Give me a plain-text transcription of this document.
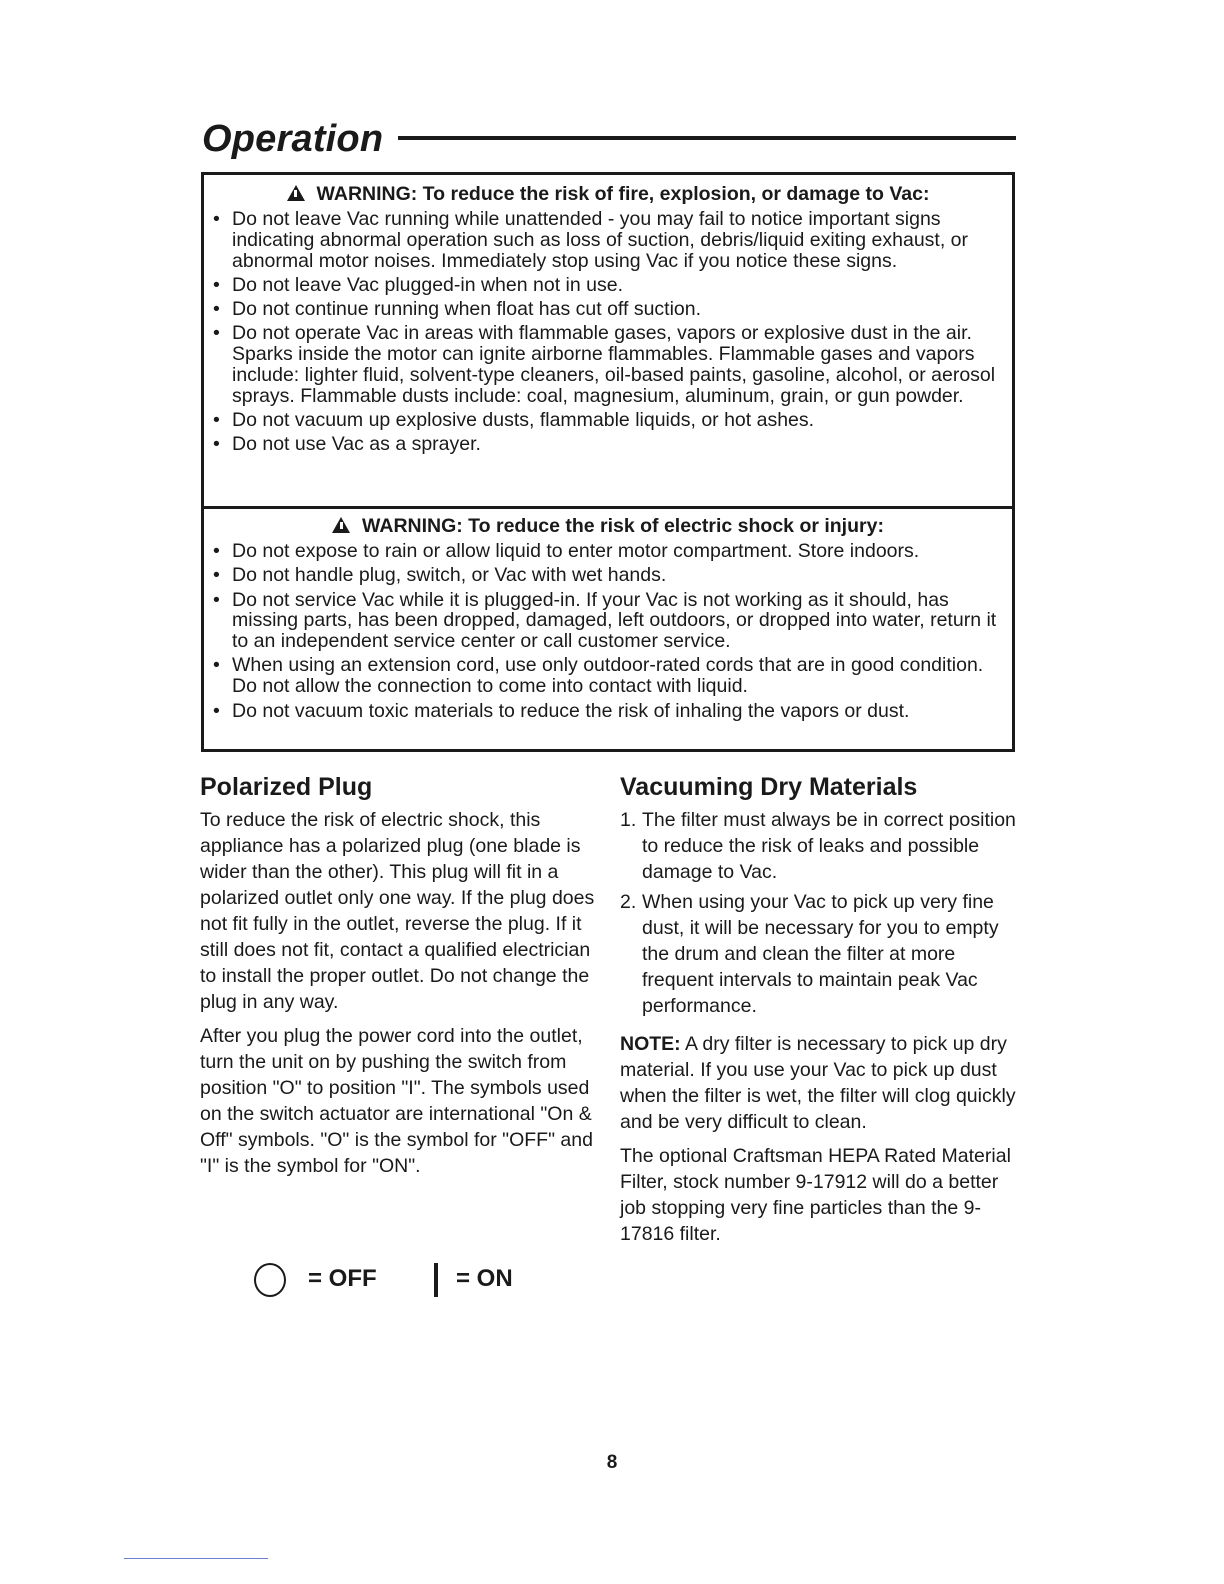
Operation
WARNING: To reduce the risk of fire, explosion, or damage to Vac:
• Do not leave Vac running while unattended - you may fail to notice important signs indicating abnormal operation such as loss of suction, debris/liquid exiting exhaust, or abnormal motor noises. Immediately stop using Vac if you notice these signs.
• Do not leave Vac plugged-in when not in use.
• Do not continue running when float has cut off suction.
• Do not operate Vac in areas with flammable gases, vapors or explosive dust in the air. Sparks inside the motor can ignite airborne flammables. Flammable gases and vapors include: lighter fluid, solvent-type cleaners, oil-based paints, gasoline, alcohol, or aerosol sprays. Flammable dusts include: coal, magnesium, aluminum, grain, or gun powder.
• Do not vacuum up explosive dusts, flammable liquids, or hot ashes.
• Do not use Vac as a sprayer.
WARNING: To reduce the risk of electric shock or injury:
• Do not expose to rain or allow liquid to enter motor compartment. Store indoors.
• Do not handle plug, switch, or Vac with wet hands.
• Do not service Vac while it is plugged-in. If your Vac is not working as it should, has missing parts, has been dropped, damaged, left outdoors, or dropped into water, return it to an independent service center or call customer service.
• When using an extension cord, use only outdoor-rated cords that are in good condition. Do not allow the connection to come into contact with liquid.
• Do not vacuum toxic materials to reduce the risk of inhaling the vapors or dust.
Polarized Plug

To reduce the risk of electric shock, this appliance has a polarized plug (one blade is wider than the other). This plug will fit in a polarized outlet only one way. If the plug does not fit fully in the outlet, reverse the plug. If it still does not fit, contact a qualified electrician to install the proper outlet. Do not change the plug in any way.

After you plug the power cord into the outlet, turn the unit on by pushing the switch from position "O" to position "I". The symbols used on the switch actuator are international "On & Off" symbols. "O" is the symbol for "OFF" and "I" is the symbol for "ON".

= OFF	= ON
Vacuuming Dry Materials
1. The filter must always be in correct position to reduce the risk of leaks and possible damage to Vac.
2. When using your Vac to pick up very fine dust, it will be necessary for you to empty the drum and clean the filter at more frequent intervals to maintain peak Vac performance.

NOTE: A dry filter is necessary to pick up dry material. If you use your Vac to pick up dust when the filter is wet, the filter will clog quickly and be very difficult to clean.

The optional Craftsman HEPA Rated Material Filter, stock number 9-17912 will do a better job stopping very fine particles than the 9-17816 filter.

8
